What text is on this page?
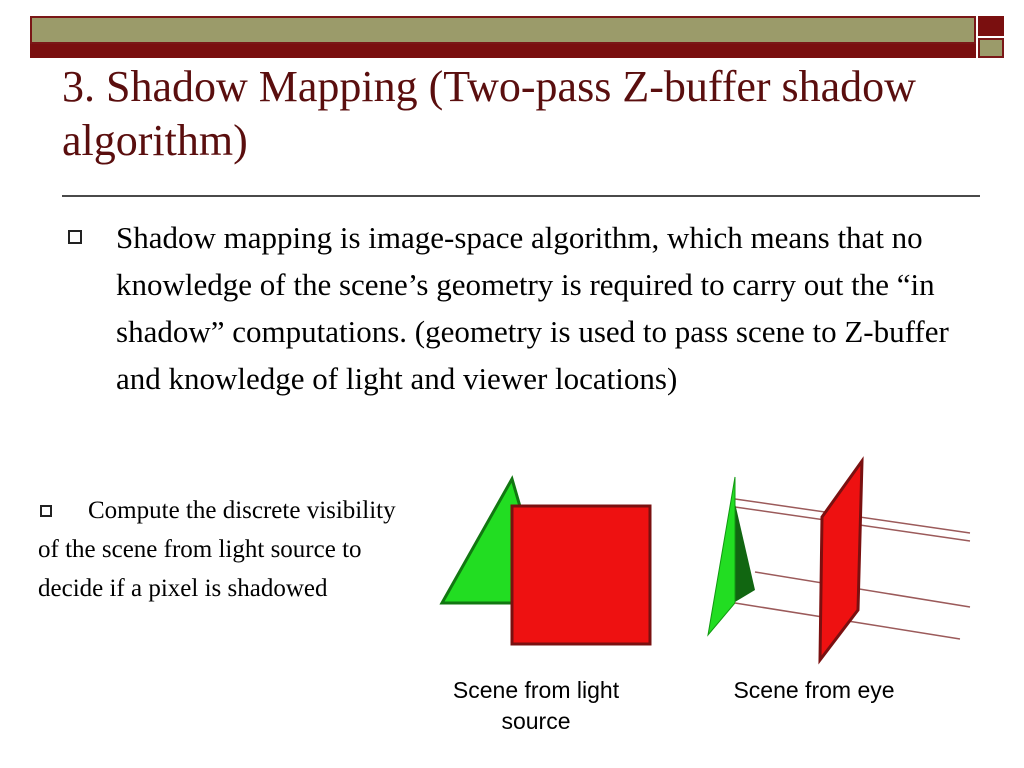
3. Shadow Mapping (Two-pass Z-buffer shadow algorithm)
Shadow mapping is image-space algorithm, which means that no knowledge of the scene’s geometry is required to carry out the “in shadow” computations. (geometry is used to pass scene to Z-buffer and knowledge of light and viewer locations)
Compute the discrete visibility of the scene from light source to decide if a pixel is shadowed
Scene from light source
Scene from eye
